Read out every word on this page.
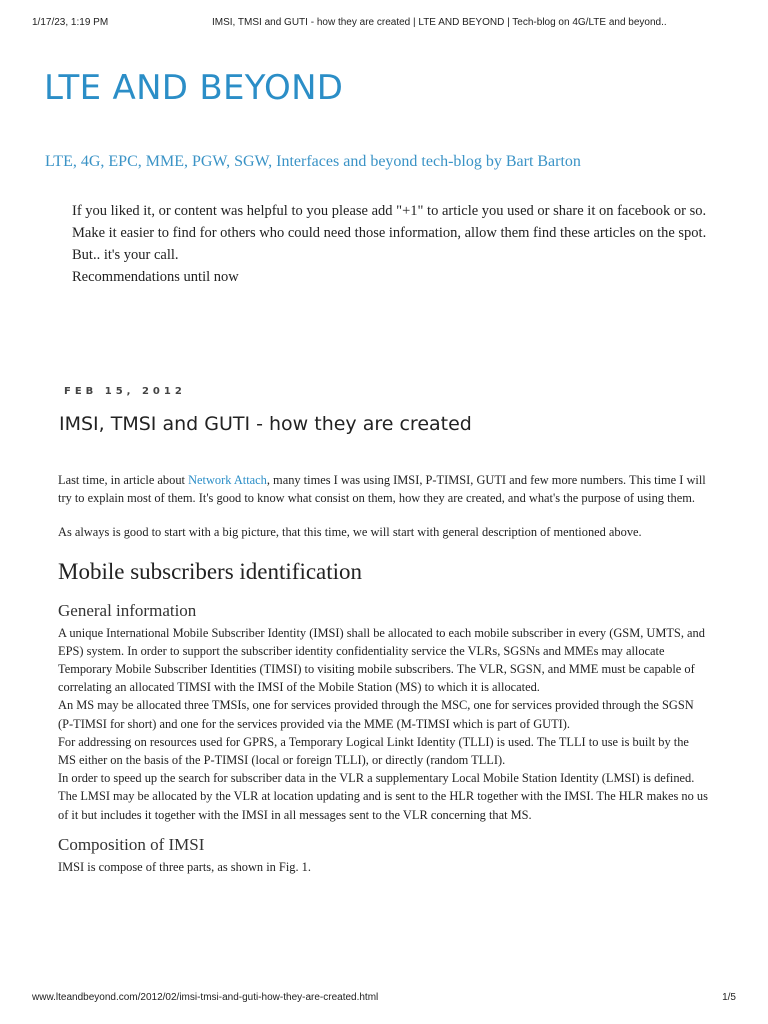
1/17/23, 1:19 PM	IMSI, TMSI and GUTI - how they are created | LTE AND BEYOND | Tech-blog on 4G/LTE and beyond..
LTE AND BEYOND
LTE, 4G, EPC, MME, PGW, SGW, Interfaces and beyond tech-blog by Bart Barton

If you liked it, or content was helpful to you please add "+1" to article you used or share it on facebook or so.

Make it easier to find for others who could need those information, allow them find these articles on the spot. But.. it's your call.

Recommendations until now

FEB 15, 2012
IMSI, TMSI and GUTI - how they are created

Last time, in article about Network Attach, many times I was using IMSI, P-TIMSI, GUTI and few more numbers. This time I will try to explain most of them. It's good to know what consist on them, how they are created, and what's the purpose of using them.

As always is good to start with a big picture, that this time, we will start with general description of mentioned above.

Mobile subscribers identification
General information

A unique International Mobile Subscriber Identity (IMSI) shall be allocated to each mobile subscriber in every (GSM, UMTS, and EPS) system. In order to support the subscriber identity confidentiality service the VLRs, SGSNs and MMEs may allocate Temporary Mobile Subscriber Identities (TIMSI) to visiting mobile subscribers. The VLR, SGSN, and MME must be capable of correlating an allocated TIMSI with the IMSI of the Mobile Station (MS) to which it is allocated.

An MS may be allocated three TMSIs, one for services provided through the MSC, one for services provided through the SGSN (P-TIMSI for short) and one for the services provided via the MME (M-TIMSI which is part of GUTI).

For addressing on resources used for GPRS, a Temporary Logical Linkt Identity (TLLI) is used. The TLLI to use is built by the MS either on the basis of the P-TIMSI (local or foreign TLLI), or directly (random TLLI).

In order to speed up the search for subscriber data in the VLR a supplementary Local Mobile Station Identity (LMSI) is defined. The LMSI may be allocated by the VLR at location updating and is sent to the HLR together with the IMSI. The HLR makes no us of it but includes it together with the IMSI in all messages sent to the VLR concerning that MS.

Composition of IMSI

IMSI is compose of three parts, as shown in Fig. 1.

www.lteandbeyond.com/2012/02/imsi-tmsi-and-guti-how-they-are-created.html	1/5
